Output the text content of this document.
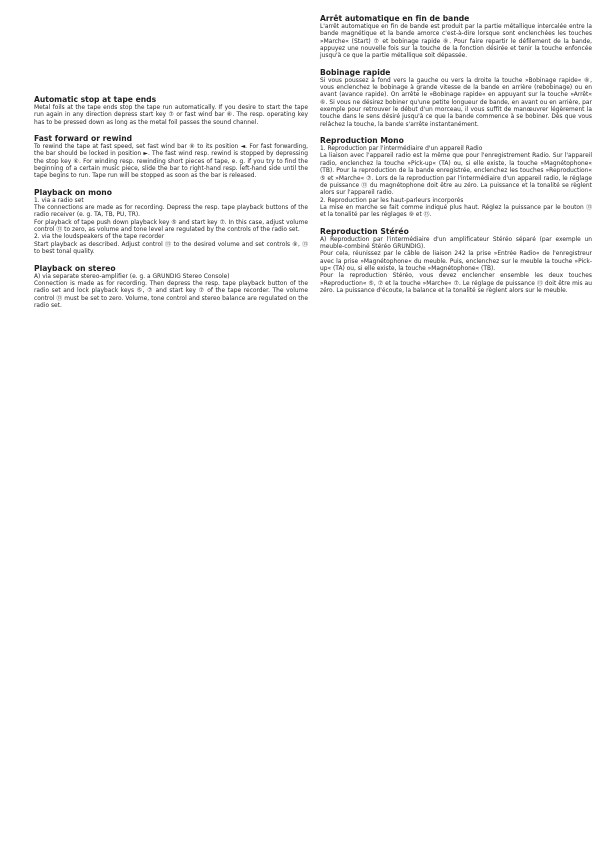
Automatic stop at tape ends

Metal foils at the tape ends stop the tape run automatically. If you desire to start the tape run again in any direction depress start key ⑦ or fast wind bar ⑧. The resp. operating key has to be pressed down as long as the metal foil passes the sound channel.

Fast forward or rewind

To rewind the tape at fast speed, set fast wind bar ⑧ to its position ◄. For fast forwarding, the bar should be locked in position ►. The fast wind resp. rewind is stopped by depressing the stop key ⑥. For winding resp. rewinding short pieces of tape, e. g. if you try to find the beginning of a certain music piece, slide the bar to right-hand resp. left-hand side until the tape begins to run. Tape run will be stopped as soon as the bar is released.

Playback on mono

1. via a radio set

The connections are made as for recording. Depress the resp. tape playback buttons of the radio receiver (e. g. TA, TB, PU, TR).

For playback of tape push down playback key ⑤ and start key ⑦. In this case, adjust volume control ⑬ to zero, as volume and tone level are regulated by the controls of the radio set.

2. via the loudspeakers of the tape recorder

Start playback as described. Adjust control ⑬ to the desired volume and set controls ⑨, ⑬ to best tonal quality.

Playback on stereo

A) via separate stereo-amplifier (e. g. a GRUNDIG Stereo Console)

Connection is made as for recording. Then depress the resp. tape playback button of the radio set and lock playback keys ⑤, ⑦ and start key ⑦ of the tape recorder. The volume control ⑬ must be set to zero. Volume, tone control and stereo balance are regulated on the radio set.

Arrêt automatique en fin de bande

L'arrêt automatique en fin de bande est produit par la partie métallique intercalée entre la bande magnétique et la bande amorce c'est-à-dire lorsque sont enclenchées les touches »Marche« (Start) ⑦ et bobinage rapide ⑧. Pour faire repartir le défilement de la bande, appuyez une nouvelle fois sur la touche de la fonction désirée et tenir la touche enfoncée jusqu'à ce que la partie métallique soit dépassée.

Bobinage rapide

Si vous poussez à fond vers la gauche ou vers la droite la touche »Bobinage rapide« ⑧, vous enclenchez le bobinage à grande vitesse de la bande en arrière (rebobinage) ou en avant (avance rapide). On arrête le »Bobinage rapide« en appuyant sur la touche »Arrêt« ⑥. Si vous ne désirez bobiner qu'une petite longueur de bande, en avant ou en arrière, par exemple pour retrouver le début d'un morceau, il vous suffit de manœuvrer légèrement la touche dans le sens désiré jusqu'à ce que la bande commence à se bobiner. Dès que vous relâchez la touche, la bande s'arrête instantanément.

Reproduction Mono

1. Reproduction par l'intermédiaire d'un appareil Radio

La liaison avec l'appareil radio est la même que pour l'enregistrement Radio. Sur l'appareil radio, enclenchez la touche »Pick-up« (TA) ou, si elle existe, la touche »Magnétophone« (TB). Pour la reproduction de la bande enregistrée, enclenchez les touches »Reproduction« ⑤ et »Marche« ⑦. Lors de la reproduction par l'intermédiaire d'un appareil radio, le réglage de puissance ⑬ du magnétophone doit être au zéro. La puissance et la tonalité se règlent alors sur l'appareil radio.

2. Reproduction par les haut-parleurs incorporés

La mise en marche se fait comme indiqué plus haut. Réglez la puissance par le bouton ⑬ et la tonalité par les réglages ⑨ et ⑬.

Reproduction Stéréo

A) Reproduction par l'intermédiaire d'un amplificateur Stéréo séparé (par exemple un meuble-combiné Stéréo GRUNDIG).

Pour cela, réunissez par le câble de liaison 242 la prise »Entrée Radio« de l'enregistreur avec la prise »Magnétophone« du meuble. Puis, enclenchez sur le meuble la touche »Pick-up« (TA) ou, si elle existe, la touche »Magnétophone« (TB).

Pour la reproduction Stéréo, vous devez enclencher ensemble les deux touches »Reproduction« ⑤, ⑦ et la touche »Marche« ⑦. Le réglage de puissance ⑬ doit être mis au zéro. La puissance d'écoute, la balance et la tonalité se règlent alors sur le meuble.
